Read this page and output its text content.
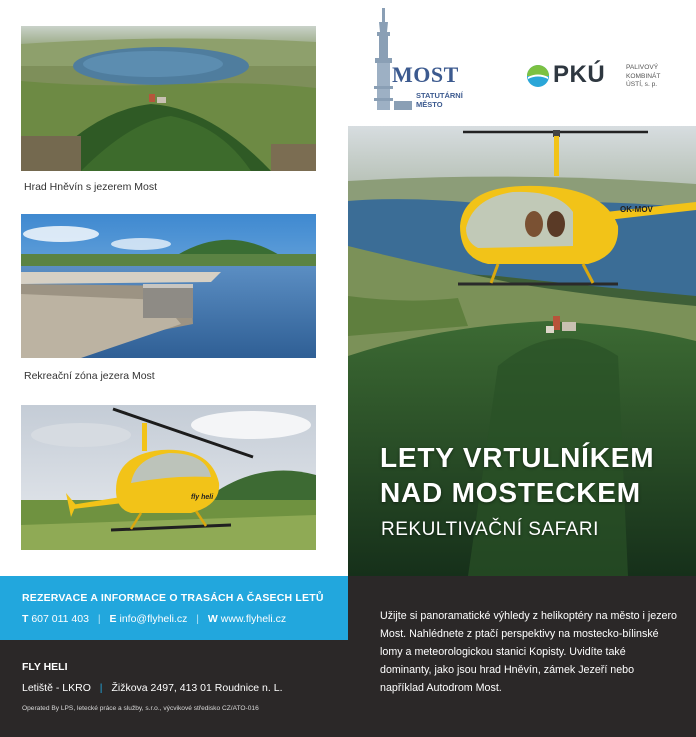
Hrad Hněvín s jezerem Most
Rekreační zóna jezera Most
fly heli
REZERVACE A INFORMACE O TRASÁCH A ČASECH LETŮ
T 607 011 403 | E info@flyheli.cz | W www.flyheli.cz
FLY HELI
Letiště - LKRO | Žižkova 2497, 413 01 Roudnice n. L.
Operated By LPS, letecké práce a služby, s.r.o., výcvikové středisko CZ/ATO-016
MOST
STATUTÁRNÍ
MĚSTO
PKÚ	PALIVOVÝ
KOMBINÁT
ÚSTÍ, s. p.
OK-MOV
LETY VRTULNÍKEM
NAD MOSTECKEM
REKULTIVAČNÍ SAFARI

Užijte si panoramatické výhledy z helikoptéry na město i jezero Most. Nahlédnete z ptačí perspektivy na mostecko-bílinské lomy a meteorologickou stanici Kopisty. Uvidíte také dominanty, jako jsou hrad Hněvín, zámek Jezeří nebo například Autodrom Most.
